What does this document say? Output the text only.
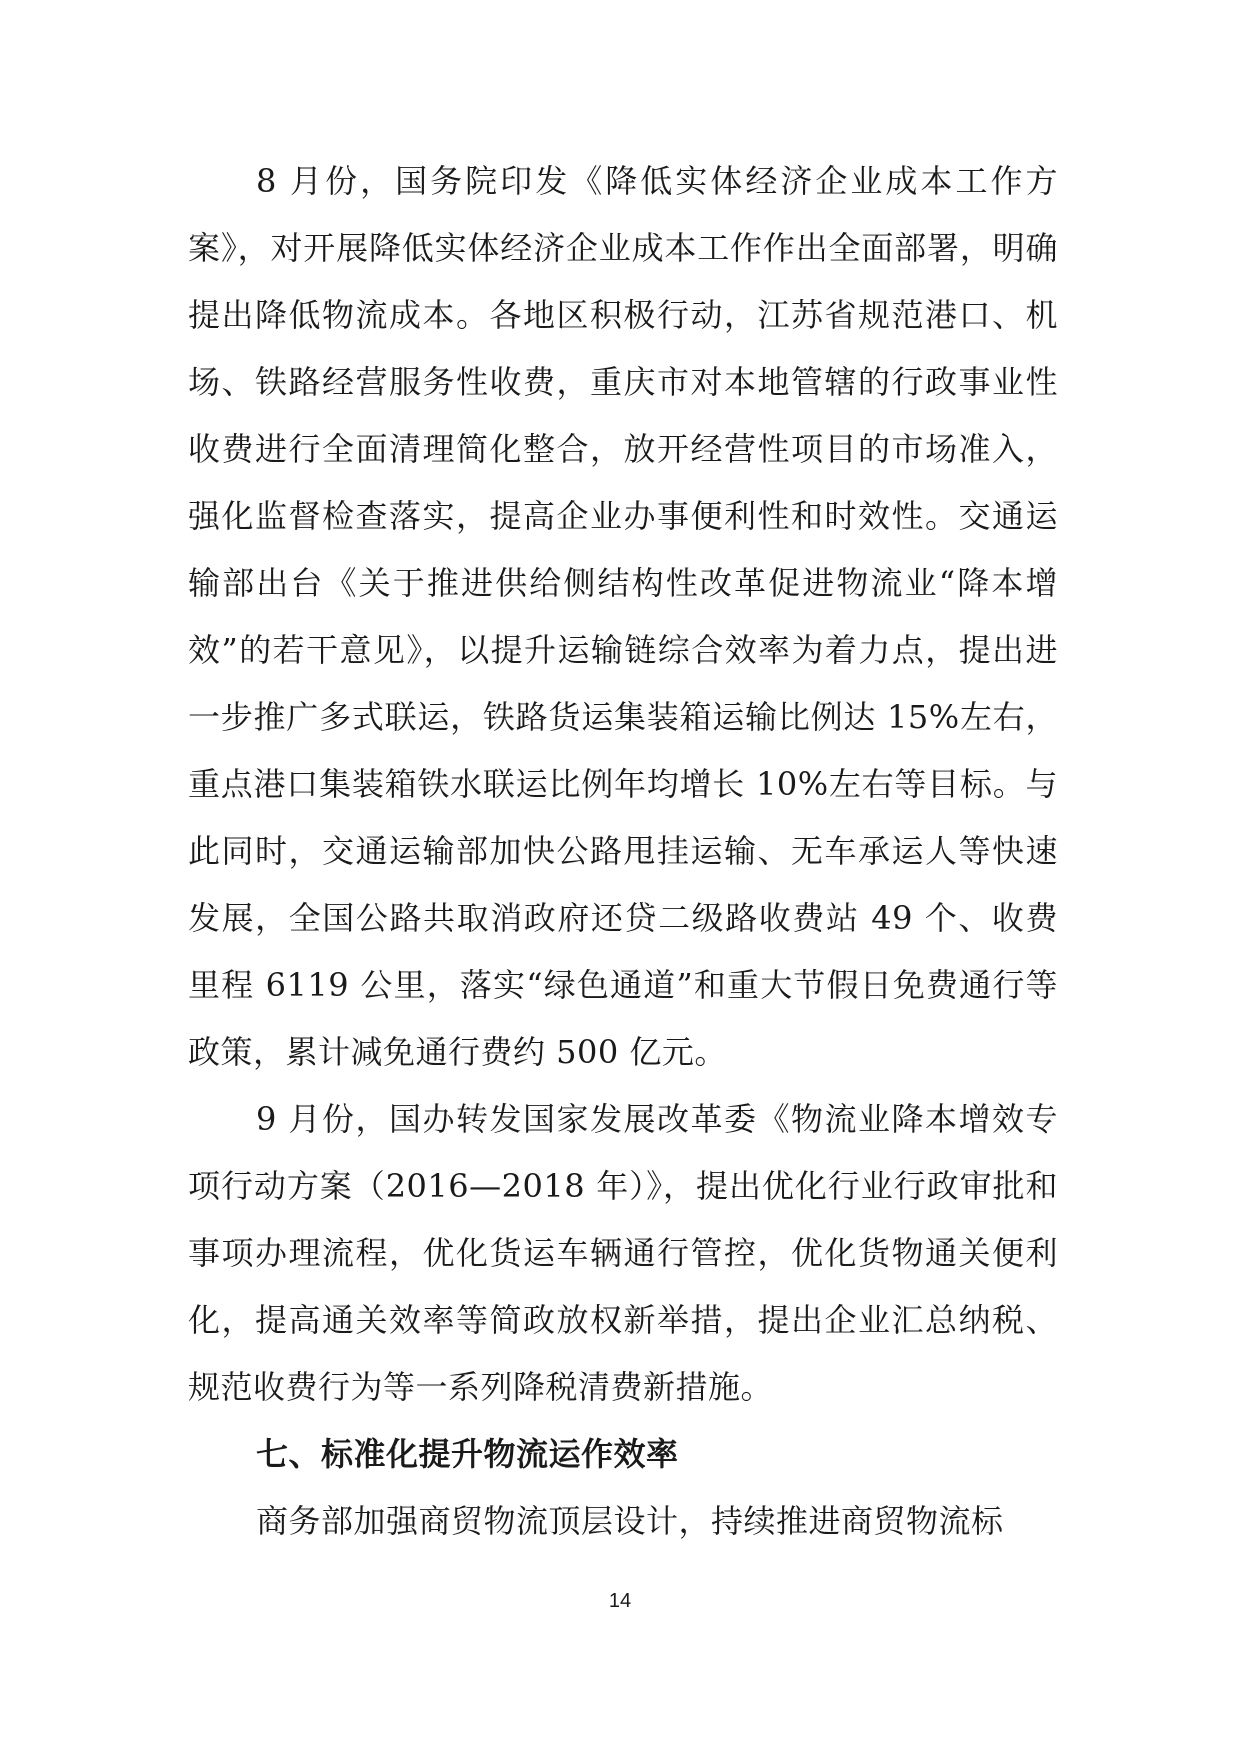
8 月份，国务院印发《降低实体经济企业成本工作方案》，对开展降低实体经济企业成本工作作出全面部署，明确提出降低物流成本。各地区积极行动，江苏省规范港口、机场、铁路经营服务性收费，重庆市对本地管辖的行政事业性收费进行全面清理简化整合，放开经营性项目的市场准入，强化监督检查落实，提高企业办事便利性和时效性。交通运输部出台《关于推进供给侧结构性改革促进物流业“降本增效”的若干意见》，以提升运输链综合效率为着力点，提出进一步推广多式联运，铁路货运集装箱运输比例达 15%左右，重点港口集装箱铁水联运比例年均增长 10%左右等目标。与此同时，交通运输部加快公路甩挂运输、无车承运人等快速发展，全国公路共取消政府还贷二级路收费站 49 个、收费里程 6119 公里，落实“绿色通道”和重大节假日免费通行等政策，累计减免通行费约 500 亿元。

9 月份，国办转发国家发展改革委《物流业降本增效专项行动方案（2016—2018 年）》，提出优化行业行政审批和事项办理流程，优化货运车辆通行管控，优化货物通关便利化，提高通关效率等简政放权新举措，提出企业汇总纳税、规范收费行为等一系列降税清费新措施。

七、标准化提升物流运作效率

商务部加强商贸物流顶层设计，持续推进商贸物流标

14
